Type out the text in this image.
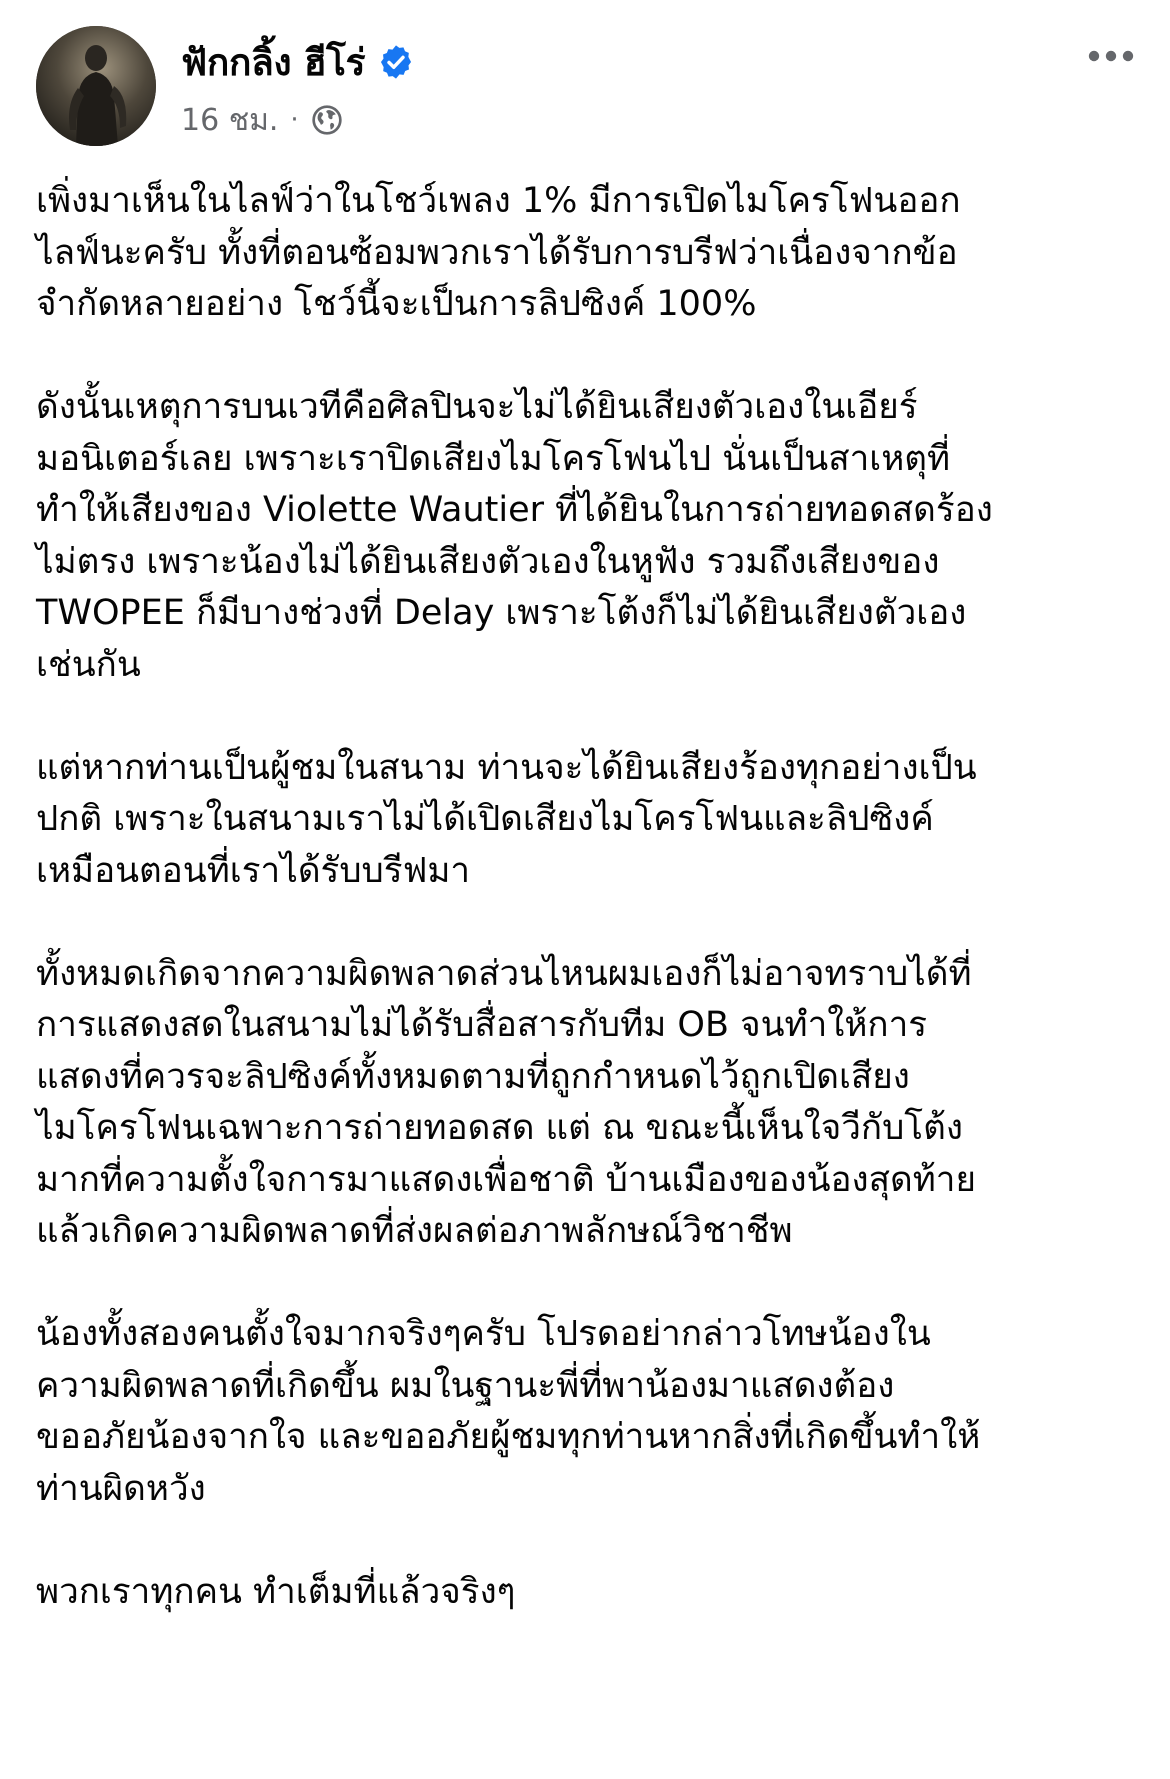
ฟักกลิ้ง ฮีโร่
16 ชม. ·
เพิ่งมาเห็นในไลฟ์ว่าในโชว์เพลง 1% มีการเปิดไมโครโฟนออก
ไลฟ์นะครับ ทั้งที่ตอนซ้อมพวกเราได้รับการบรีฟว่าเนื่องจากข้อ
จำกัดหลายอย่าง โชว์นี้จะเป็นการลิปซิงค์ 100%
ดังนั้นเหตุการบนเวทีคือศิลปินจะไม่ได้ยินเสียงตัวเองในเอียร์
มอนิเตอร์เลย เพราะเราปิดเสียงไมโครโฟนไป นั่นเป็นสาเหตุที่
ทำให้เสียงของ Violette Wautier ที่ได้ยินในการถ่ายทอดสดร้อง
ไม่ตรง เพราะน้องไม่ได้ยินเสียงตัวเองในหูฟัง รวมถึงเสียงของ
TWOPEE ก็มีบางช่วงที่ Delay เพราะโต้งก็ไม่ได้ยินเสียงตัวเอง
เช่นกัน
แต่หากท่านเป็นผู้ชมในสนาม ท่านจะได้ยินเสียงร้องทุกอย่างเป็น
ปกติ เพราะในสนามเราไม่ได้เปิดเสียงไมโครโฟนและลิปซิงค์
เหมือนตอนที่เราได้รับบรีฟมา
ทั้งหมดเกิดจากความผิดพลาดส่วนไหนผมเองก็ไม่อาจทราบได้ที่
การแสดงสดในสนามไม่ได้รับสื่อสารกับทีม OB จนทำให้การ
แสดงที่ควรจะลิปซิงค์ทั้งหมดตามที่ถูกกำหนดไว้ถูกเปิดเสียง
ไมโครโฟนเฉพาะการถ่ายทอดสด แต่ ณ ขณะนี้เห็นใจวีกับโต้ง
มากที่ความตั้งใจการมาแสดงเพื่อชาติ บ้านเมืองของน้องสุดท้าย
แล้วเกิดความผิดพลาดที่ส่งผลต่อภาพลักษณ์วิชาชีพ
น้องทั้งสองคนตั้งใจมากจริงๆครับ โปรดอย่ากล่าวโทษน้องใน
ความผิดพลาดที่เกิดขึ้น ผมในฐานะพี่ที่พาน้องมาแสดงต้อง
ขออภัยน้องจากใจ และขออภัยผู้ชมทุกท่านหากสิ่งที่เกิดขึ้นทำให้
ท่านผิดหวัง
พวกเราทุกคน ทำเต็มที่แล้วจริงๆ
